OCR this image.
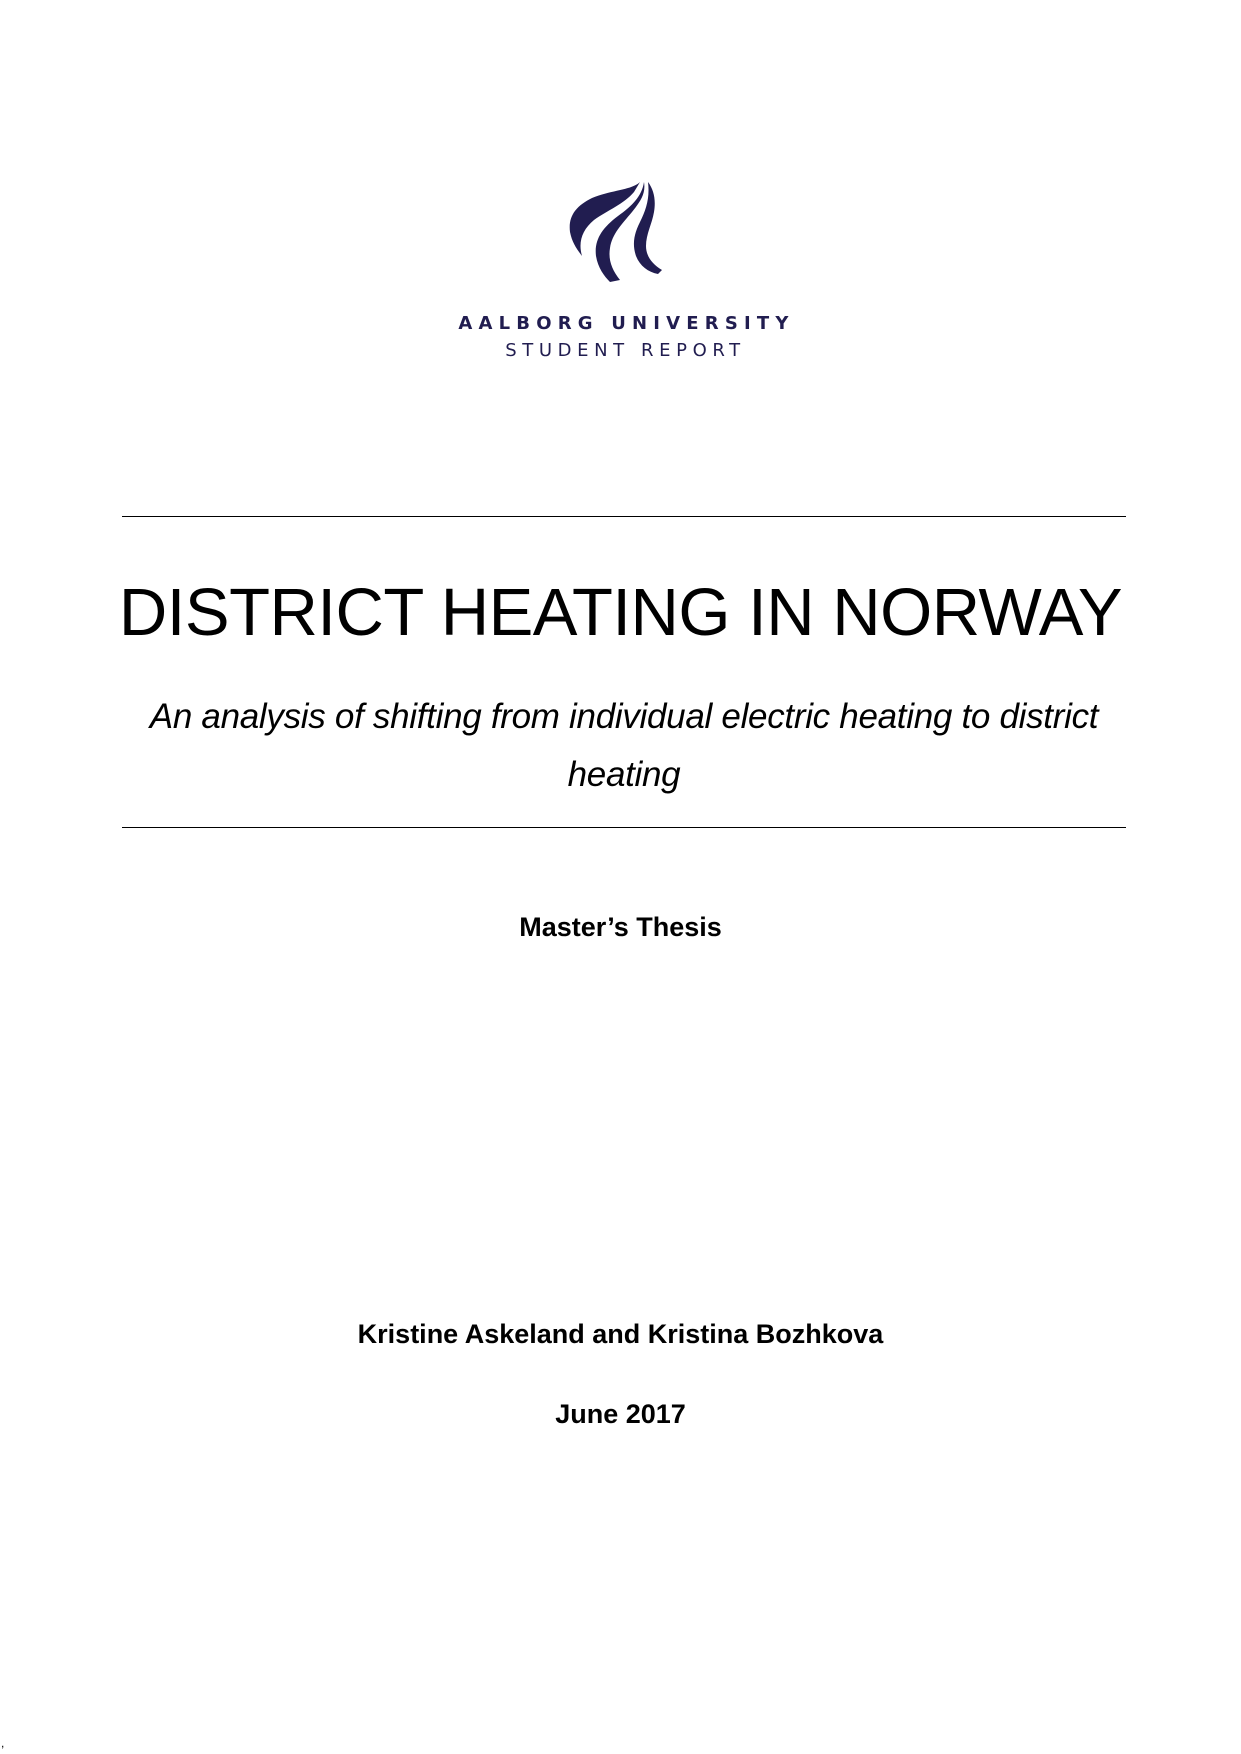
AALBORG UNIVERSITY
STUDENT REPORT
DISTRICT HEATING IN NORWAY
An analysis of shifting from individual electric heating to district heating
Master’s Thesis
Kristine Askeland and Kristina Bozhkova
June 2017
,
